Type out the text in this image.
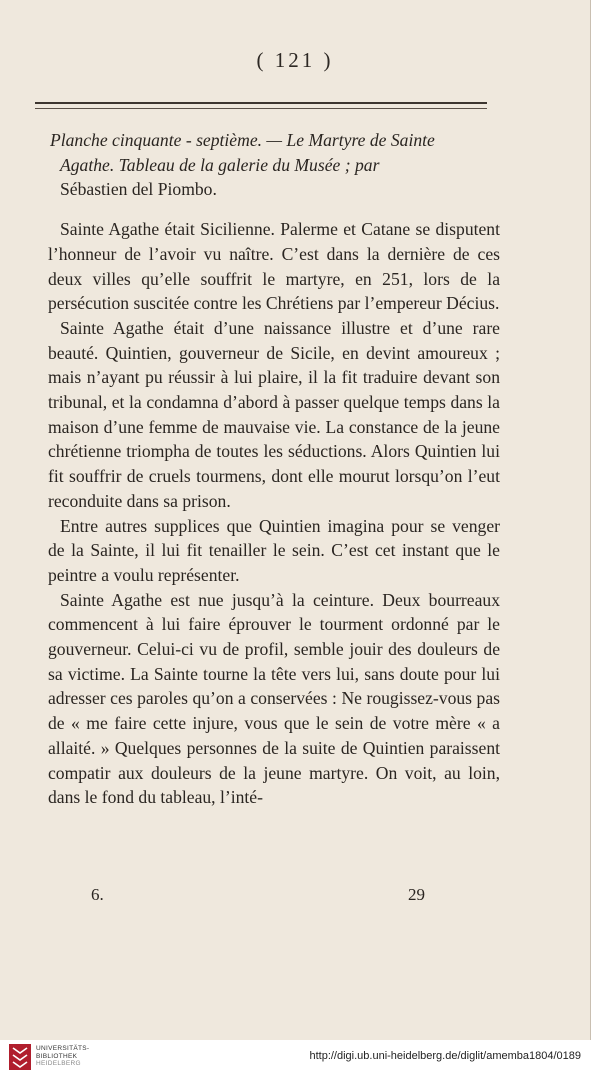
( 121 )
Planche cinquante - septième. — Le Martyre de Sainte
Agathe. Tableau de la galerie du Musée ; par
Sébastien del Piombo.

Sainte Agathe était Sicilienne. Palerme et Catane se disputent l’honneur de l’avoir vu naître. C’est dans la dernière de ces deux villes qu’elle souffrit le martyre, en 251, lors de la persécution suscitée contre les Chrétiens par l’empereur Décius.

Sainte Agathe était d’une naissance illustre et d’une rare beauté. Quintien, gouverneur de Sicile, en devint amoureux ; mais n’ayant pu réussir à lui plaire, il la fit traduire devant son tribunal, et la condamna d’abord à passer quelque temps dans la maison d’une femme de mauvaise vie. La constance de la jeune chrétienne triompha de toutes les séductions. Alors Quintien lui fit souffrir de cruels tourmens, dont elle mourut lorsqu’on l’eut reconduite dans sa prison.

Entre autres supplices que Quintien imagina pour se venger de la Sainte, il lui fit tenailler le sein. C’est cet instant que le peintre a voulu représenter.

Sainte Agathe est nue jusqu’à la ceinture. Deux bourreaux commencent à lui faire éprouver le tourment ordonné par le gouverneur. Celui-ci vu de profil, semble jouir des douleurs de sa victime. La Sainte tourne la tête vers lui, sans doute pour lui adresser ces paroles qu’on a conservées : Ne rougissez-vous pas de « me faire cette injure, vous que le sein de votre mère « a allaité. » Quelques personnes de la suite de Quintien paraissent compatir aux douleurs de la jeune martyre. On voit, au loin, dans le fond du tableau, l’inté-

6.	29
UNIVERSITÄTS-
BIBLIOTHEK
HEIDELBERG
http://digi.ub.uni-heidelberg.de/diglit/amemba1804/0189
